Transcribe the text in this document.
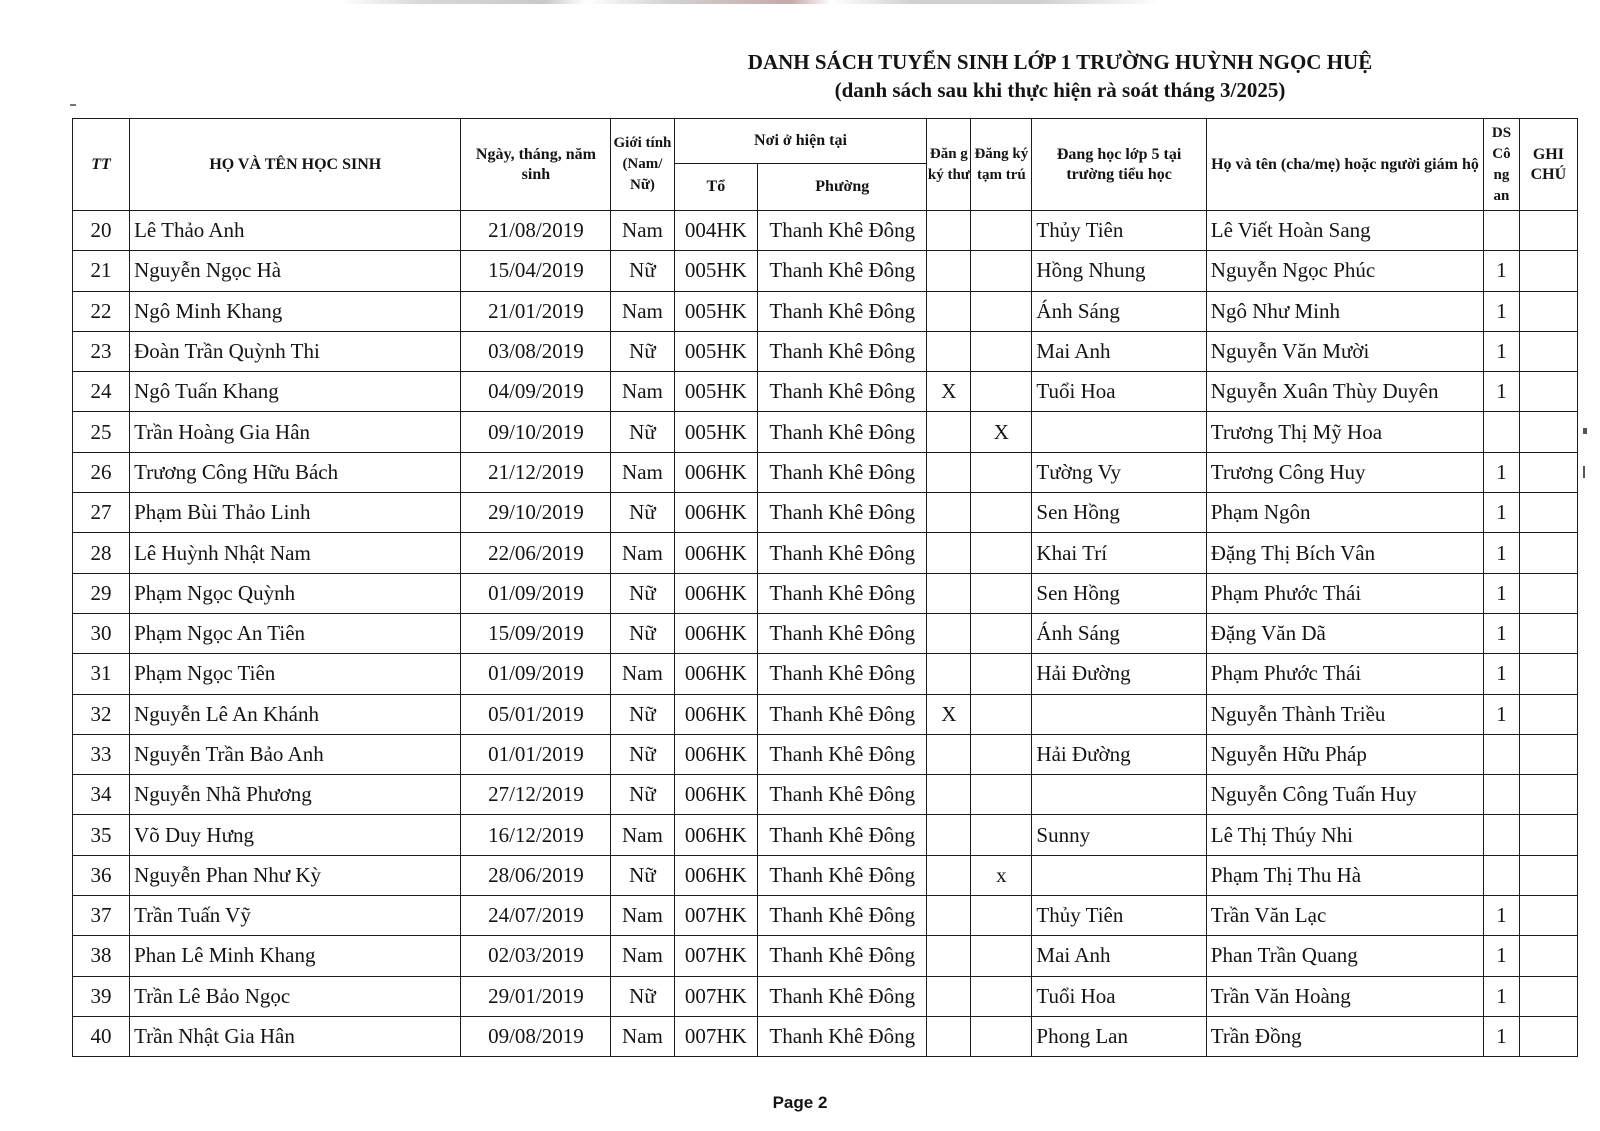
DANH SÁCH TUYỂN SINH LỚP 1 TRƯỜNG HUỲNH NGỌC HUỆ
(danh sách sau khi thực hiện rà soát tháng 3/2025)
TT	HỌ VÀ TÊN HỌC SINH	Ngày, tháng, năm sinh	Giới tính (Nam/ Nữ)	Nơi ở hiện tại		Đăn g ký thư	Đăng ký tạm trú	Đang học lớp 5 tại trường tiểu học	Họ và tên (cha/mẹ) hoặc người giám hộ	DS Cô ng an	GHI CHÚ
				Tổ	Phường						
20	Lê Thảo Anh	21/08/2019	Nam	004HK	Thanh Khê Đông			Thủy Tiên	Lê Viết Hoàn Sang		
21	Nguyễn Ngọc Hà	15/04/2019	Nữ	005HK	Thanh Khê Đông			Hồng Nhung	Nguyễn Ngọc Phúc	1	
22	Ngô Minh Khang	21/01/2019	Nam	005HK	Thanh Khê Đông			Ánh Sáng	Ngô Như Minh	1	
23	Đoàn Trần Quỳnh Thi	03/08/2019	Nữ	005HK	Thanh Khê Đông			Mai Anh	Nguyễn Văn Mười	1	
24	Ngô Tuấn Khang	04/09/2019	Nam	005HK	Thanh Khê Đông	X		Tuổi Hoa	Nguyễn Xuân Thùy Duyên	1	
25	Trần Hoàng Gia Hân	09/10/2019	Nữ	005HK	Thanh Khê Đông		X		Trương Thị Mỹ Hoa		
26	Trương Công Hữu Bách	21/12/2019	Nam	006HK	Thanh Khê Đông			Tường Vy	Trương Công Huy	1	
27	Phạm Bùi Thảo Linh	29/10/2019	Nữ	006HK	Thanh Khê Đông			Sen Hồng	Phạm Ngôn	1	
28	Lê Huỳnh Nhật Nam	22/06/2019	Nam	006HK	Thanh Khê Đông			Khai Trí	Đặng Thị Bích Vân	1	
29	Phạm Ngọc Quỳnh	01/09/2019	Nữ	006HK	Thanh Khê Đông			Sen Hồng	Phạm Phước Thái	1	
30	Phạm Ngọc An Tiên	15/09/2019	Nữ	006HK	Thanh Khê Đông			Ánh Sáng	Đặng Văn Dã	1	
31	Phạm Ngọc Tiên	01/09/2019	Nam	006HK	Thanh Khê Đông			Hải Đường	Phạm Phước Thái	1	
32	Nguyễn Lê An Khánh	05/01/2019	Nữ	006HK	Thanh Khê Đông	X			Nguyễn Thành Triều	1	
33	Nguyễn Trần Bảo Anh	01/01/2019	Nữ	006HK	Thanh Khê Đông			Hải Đường	Nguyễn Hữu Pháp		
34	Nguyễn Nhã Phương	27/12/2019	Nữ	006HK	Thanh Khê Đông				Nguyễn Công Tuấn Huy		
35	Võ Duy Hưng	16/12/2019	Nam	006HK	Thanh Khê Đông			Sunny	Lê Thị Thúy Nhi		
36	Nguyễn Phan Như Kỳ	28/06/2019	Nữ	006HK	Thanh Khê Đông		x		Phạm Thị Thu Hà		
37	Trần Tuấn Vỹ	24/07/2019	Nam	007HK	Thanh Khê Đông			Thủy Tiên	Trần Văn Lạc	1	
38	Phan Lê Minh Khang	02/03/2019	Nam	007HK	Thanh Khê Đông			Mai Anh	Phan Trần Quang	1	
39	Trần Lê Bảo Ngọc	29/01/2019	Nữ	007HK	Thanh Khê Đông			Tuổi Hoa	Trần Văn Hoàng	1	
40	Trần Nhật Gia Hân	09/08/2019	Nam	007HK	Thanh Khê Đông			Phong Lan	Trần Đồng	1	
Page 2
